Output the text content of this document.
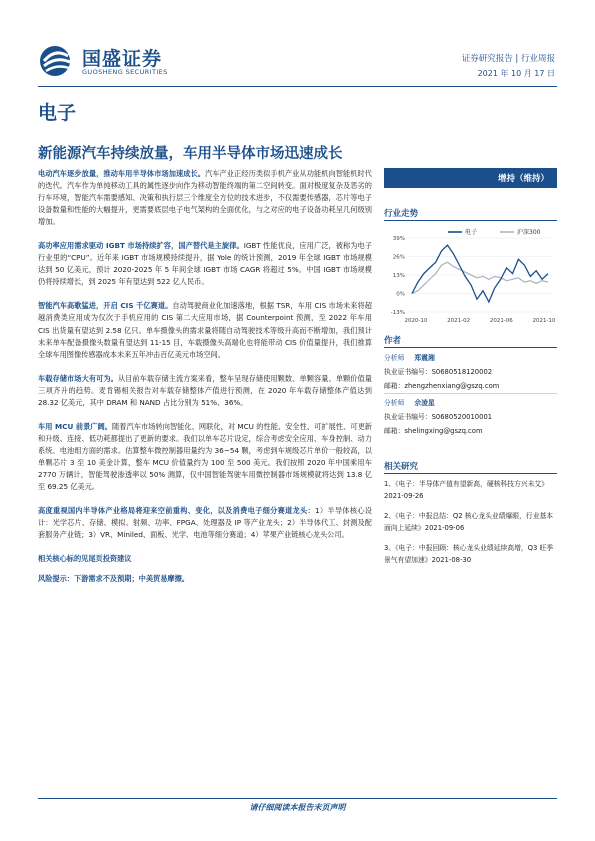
国盛证券
GUOSHENG SECURITIES
证券研究报告 | 行业周报
2021 年 10 月 17 日
电子
新能源汽车持续放量，车用半导体市场迅速成长

电动汽车逐步放量，推动车用半导体市场加速成长。汽车产业正经历类似手机产业从功能机向智能机时代的迭代。汽车作为单纯移动工具的属性逐步向作为移动智能终端的第二空间转变。面对极度复杂及恶劣的行车环境，智能汽车需要感知、决策和执行层三个维度全方位的技术进步，不仅需要传感器，芯片等电子设备数量和性能的大幅提升，更需要底层电子电气架构的全面优化，与之对应的电子设备功耗呈几何级别增加。

高功率应用需求驱动 IGBT 市场持续扩容，国产替代是主旋律。IGBT 性能优良，应用广泛，被称为电子行业里的“CPU”。近年来 IGBT 市场规模持续提升，据 Yole 的统计预测，2019 年全球 IGBT 市场规模达到 50 亿美元，预计 2020-2025 年 5 年间全球 IGBT 市场 CAGR 将超过 5%。中国 IGBT 市场规模仍将持续增长，到 2025 年有望达到 522 亿人民币。

智能汽车高歌猛进，开启 CIS 千亿赛道。自动驾驶商业化加速落地，根据 TSR，车用 CIS 市场未来将超越消费类应用成为仅次于手机应用的 CIS 第二大应用市场，据 Counterpoint 预测，至 2022 年车用 CIS 出货量有望达到 2.58 亿只。单车摄像头的需求量将随自动驾驶技术等级升高而不断增加，我们预计未来单车配备摄像头数量有望达到 11-15 目，车载摄像头高端化也将能带动 CIS 价值量提升，我们推算全球车用图像传感器成本未来五年冲击百亿美元市场空间。

车载存储市场大有可为。从目前车载存储主流方案来看，整车呈现存储使用颗数、单颗容量、单颗价值量三项齐升的趋势。麦肯锡相关报告对车载存储整体产值进行预测，在 2020 年车载存储整体产值达到 28.32 亿美元，其中 DRAM 和 NAND 占比分别为 51%、36%。

车用 MCU 前景广阔。随着汽车市场转向智能化、网联化，对 MCU 的性能、安全性、可扩展性、可更新和升级、连接、低功耗都提出了更新的要求。我们以单车芯片设定，综合考虑安全应用、车身控制、动力系统、电池组方面的需求。估算整车微控制器用量约为 36~54 颗，考虑到车规级芯片单价一般较高，以单颗芯片 3 至 10 美金计算，整车 MCU 价值量约为 100 至 500 美元。我们按照 2020 年中国乘用车 2770 万辆计，智能驾驶渗透率以 50% 测算，仅中国智能驾驶车用微控制器市场规模就将达到 13.8 亿至 69.25 亿美元。

高度重视国内半导体产业格局将迎来空前重构、变化，以及消费电子细分赛道龙头：1）半导体核心设计：光学芯片、存储、模拟、射频、功率、FPGA、处理器及 IP 等产业龙头；2）半导体代工、封测及配套服务产业链；3）VR、Miniled、面板、光学、电池等细分赛道；4）苹果产业链核心龙头公司。

相关核心标的见尾页投资建议

风险提示：下游需求不及预期；中美贸易摩擦。

增持（维持）
行业走势
电子	沪深300
39%
26%
13%
0%
-13%
2020-10	2021-02	2021-06	2021-10
作者
分析师 郑震湘
执业证书编号：S0680518120002
邮箱：zhengzhenxiang@gszq.com
分析师 佘凌星
执业证书编号：S0680520010001
邮箱：shelingxing@gszq.com
相关研究
1、《电子：半导体产值有望新高，硬核科技方兴未艾》2021-09-26
2、《电子：中报总结：Q2 核心龙头业绩爆眼，行业基本面向上延续》2021-09-06
3、《电子：中报回顾：核心龙头业绩延续高增，Q3 旺季景气有望加速》2021-08-30
请仔细阅读本报告末页声明
